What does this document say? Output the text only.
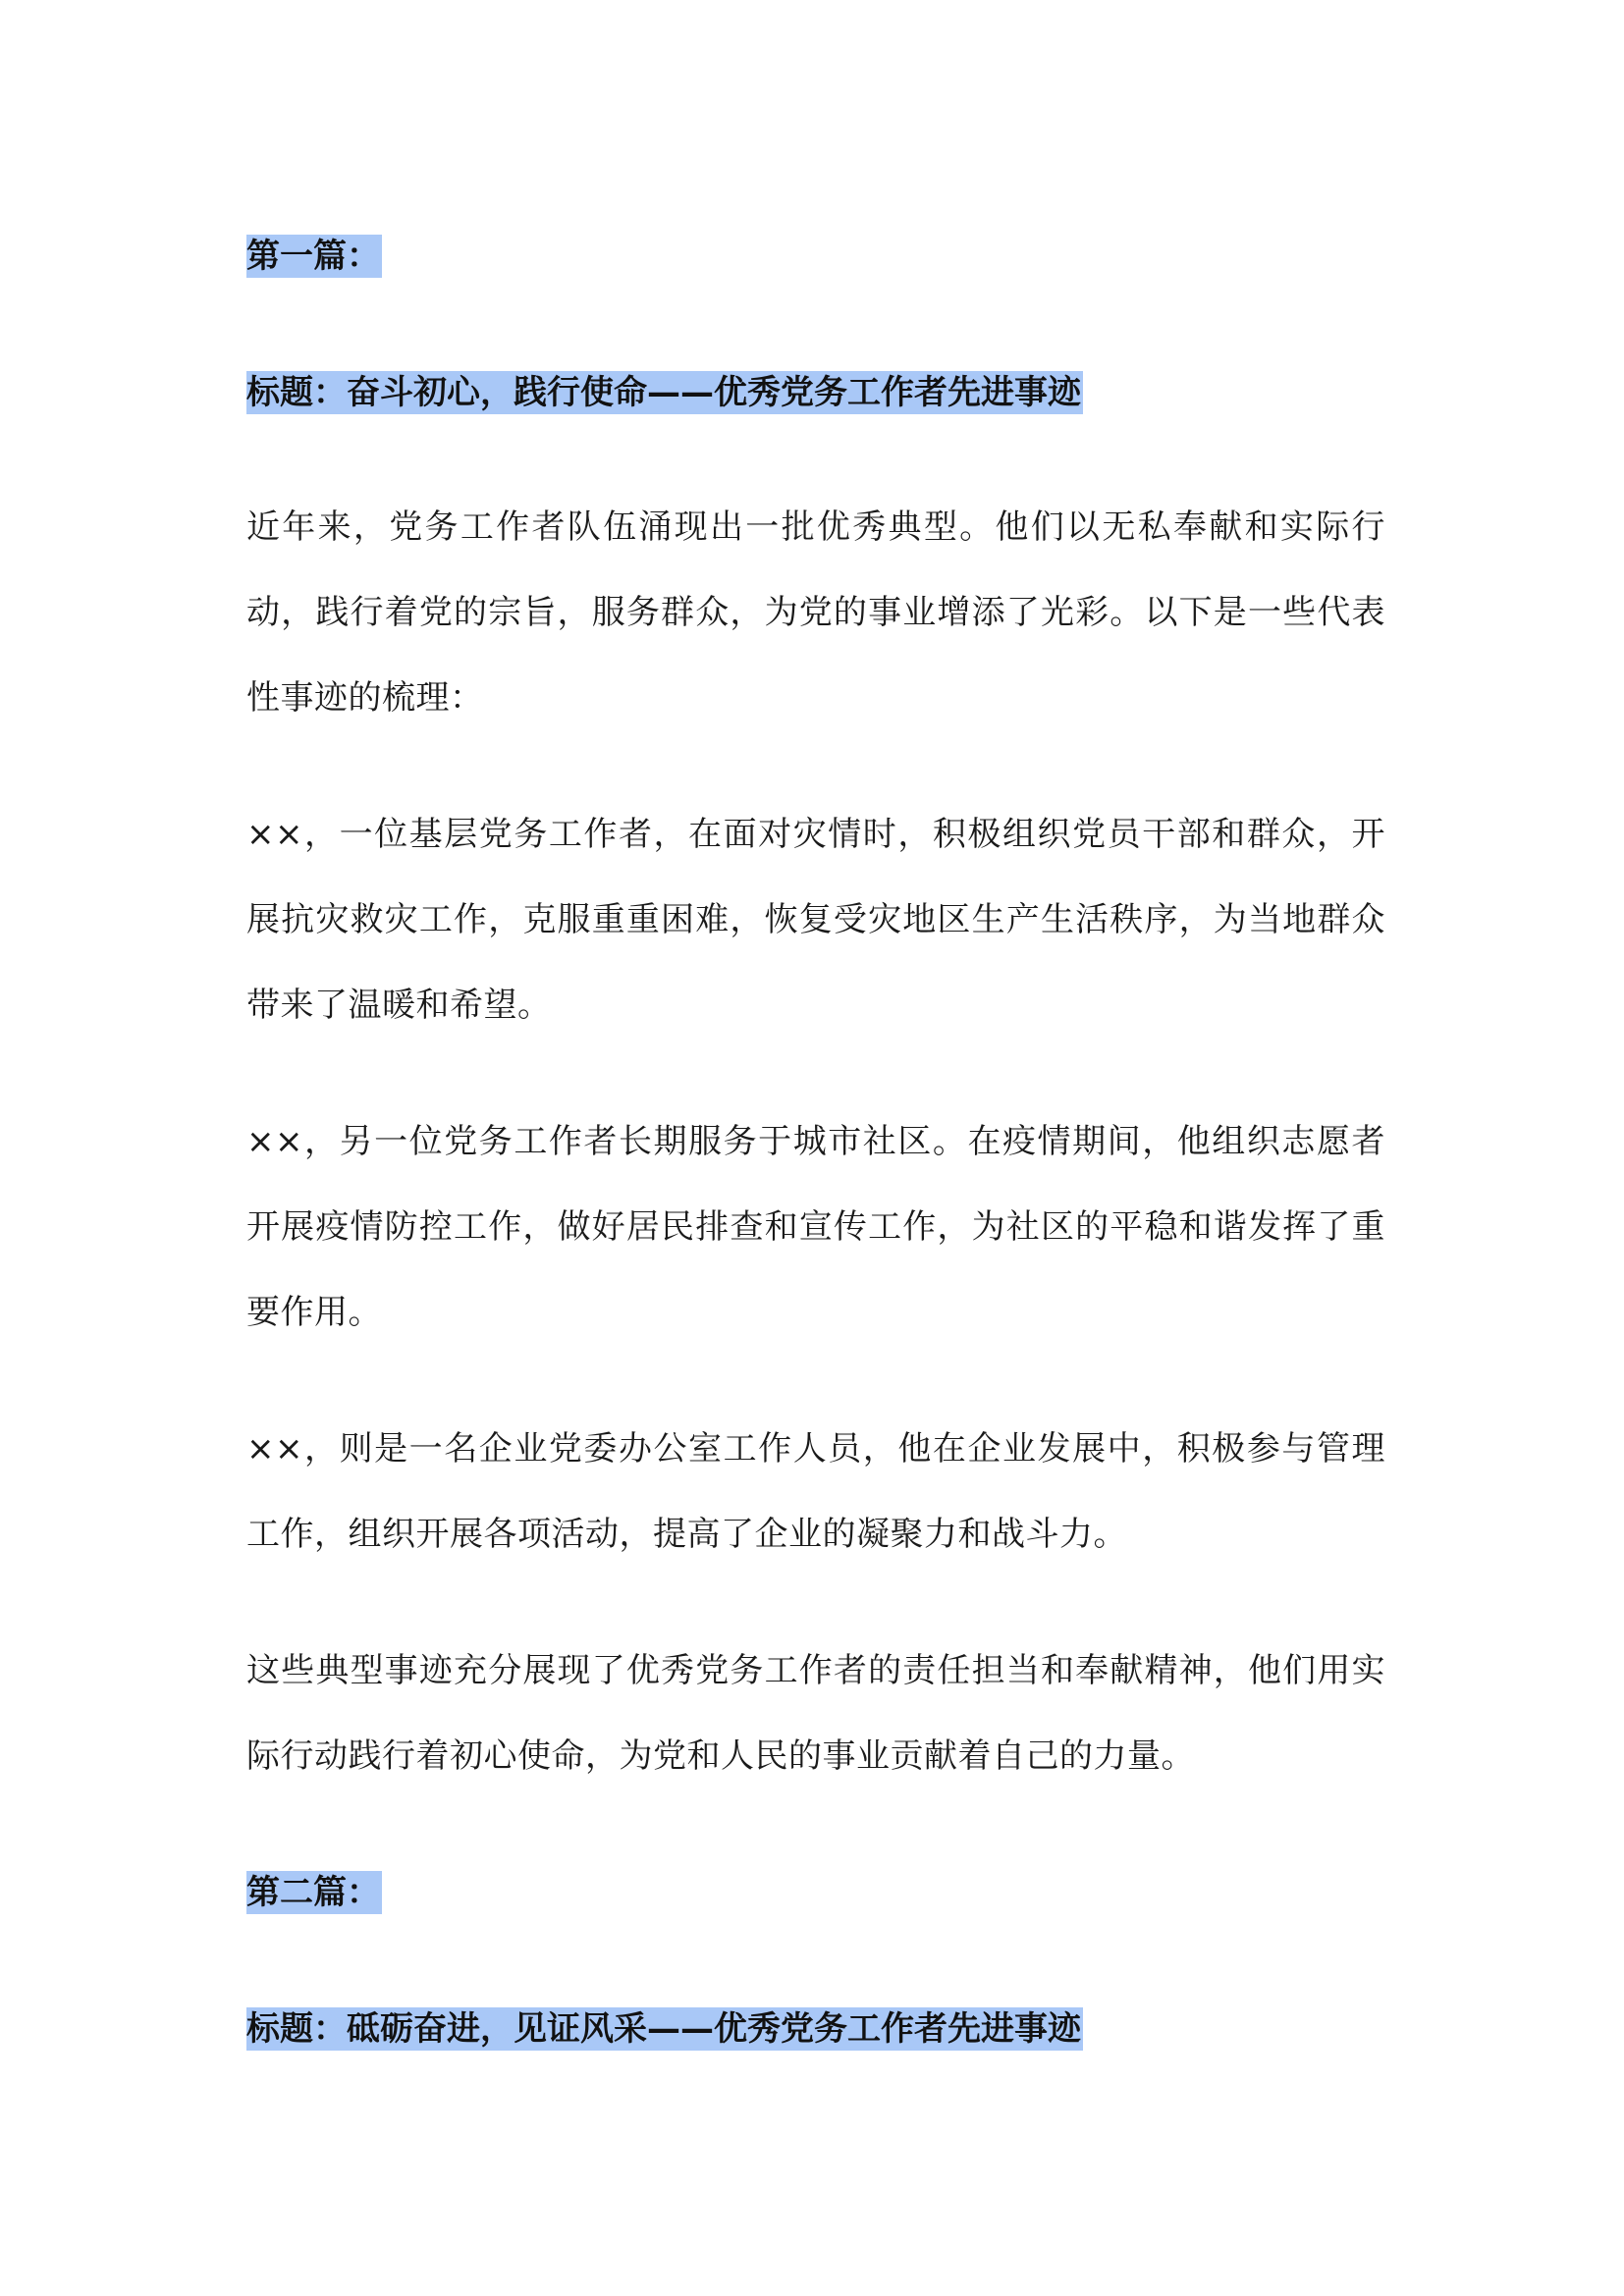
第一篇：
标题：奋斗初心，践行使命——优秀党务工作者先进事迹

近年来，党务工作者队伍涌现出一批优秀典型。他们以无私奉献和实际行动，践行着党的宗旨，服务群众，为党的事业增添了光彩。以下是一些代表性事迹的梳理：

××，一位基层党务工作者，在面对灾情时，积极组织党员干部和群众，开展抗灾救灾工作，克服重重困难，恢复受灾地区生产生活秩序，为当地群众带来了温暖和希望。

××，另一位党务工作者长期服务于城市社区。在疫情期间，他组织志愿者开展疫情防控工作，做好居民排查和宣传工作，为社区的平稳和谐发挥了重要作用。

××，则是一名企业党委办公室工作人员，他在企业发展中，积极参与管理工作，组织开展各项活动，提高了企业的凝聚力和战斗力。

这些典型事迹充分展现了优秀党务工作者的责任担当和奉献精神，他们用实际行动践行着初心使命，为党和人民的事业贡献着自己的力量。

第二篇：
标题：砥砺奋进，见证风采——优秀党务工作者先进事迹
